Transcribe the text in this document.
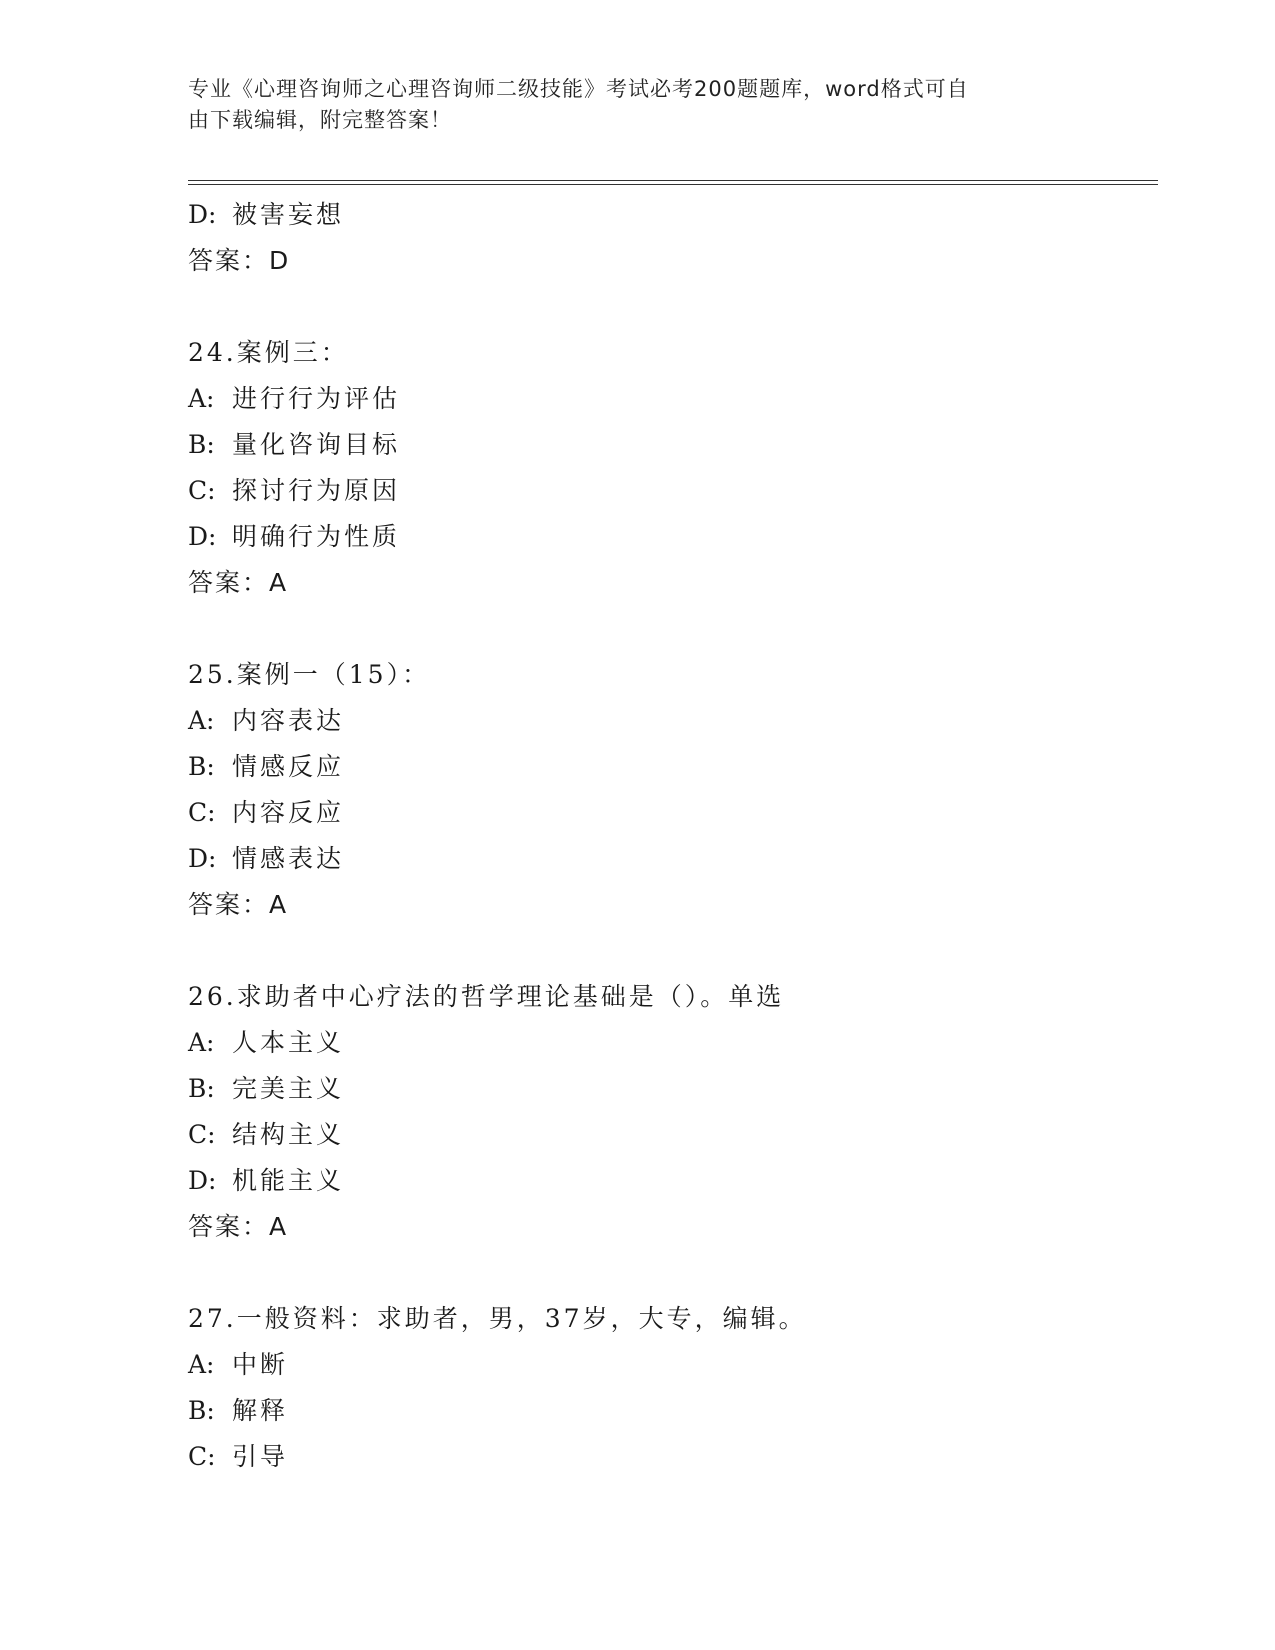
专业《心理咨询师之心理咨询师二级技能》考试必考200题题库，word格式可自
由下载编辑，附完整答案！
D: 被害妄想
答案：D
24.案例三：
A: 进行行为评估
B: 量化咨询目标
C: 探讨行为原因
D: 明确行为性质
答案：A
25.案例一（15）：
A: 内容表达
B: 情感反应
C: 内容反应
D: 情感表达
答案：A
26.求助者中心疗法的哲学理论基础是（）。单选
A: 人本主义
B: 完美主义
C: 结构主义
D: 机能主义
答案：A
27.一般资料：求助者，男，37岁，大专，编辑。
A: 中断
B: 解释
C: 引导
